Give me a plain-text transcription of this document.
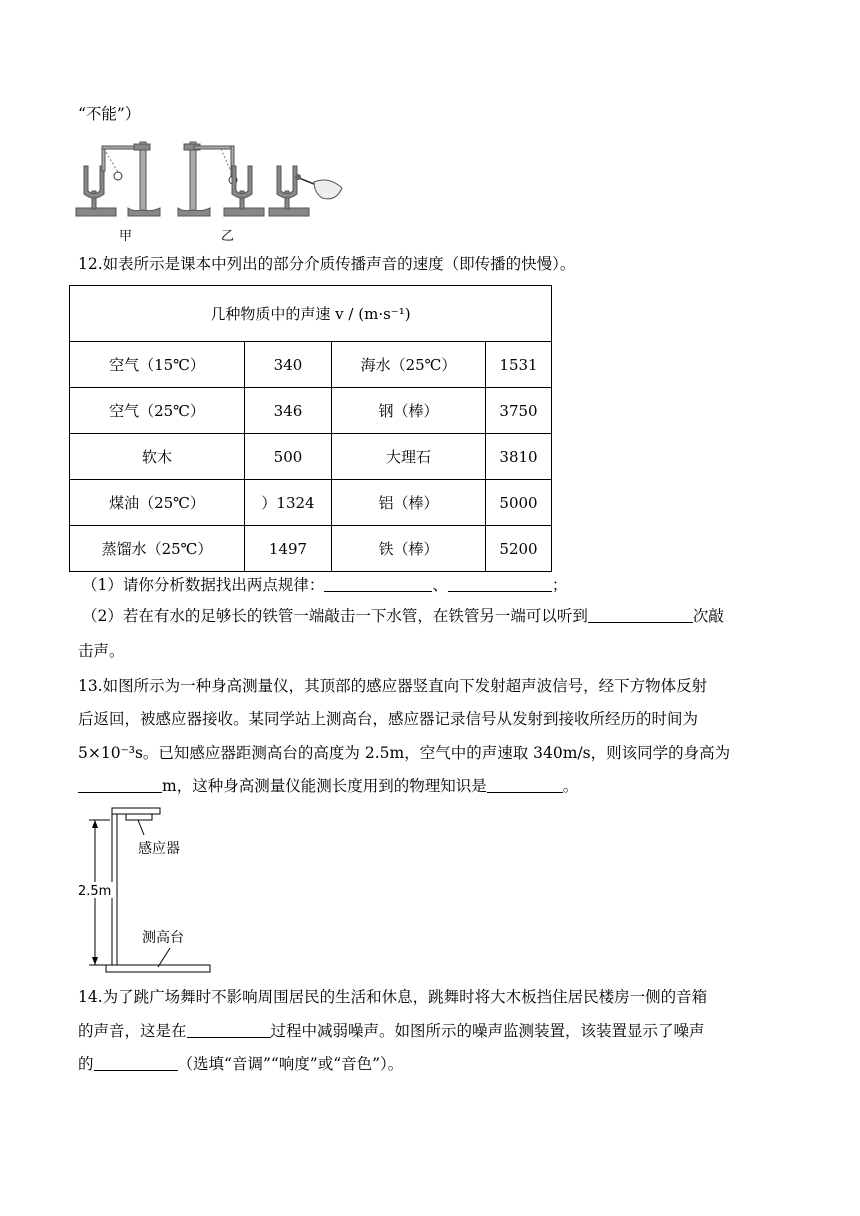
“不能”）
甲	乙
12.如表所示是课本中列出的部分介质传播声音的速度（即传播的快慢）。
几种物质中的声速 v / (m·s⁻¹)			
空气（15℃）	340	海水（25℃）	1531
空气（25℃）	346	钢（棒）	3750
软木	500	大理石	3810
煤油（25℃）	）1324	铝（棒）	5000
蒸馏水（25℃）	1497	铁（棒）	5200
（1）请你分析数据找出两点规律：	、	；
（2）若在有水的足够长的铁管一端敲击一下水管，在铁管另一端可以听到	次敲
击声。
13.如图所示为一种身高测量仪，其顶部的感应器竖直向下发射超声波信号，经下方物体反射
后返回，被感应器接收。某同学站上测高台，感应器记录信号从发射到接收所经历的时间为
5×10⁻³s。已知感应器距测高台的高度为 2.5m，空气中的声速取 340m/s，则该同学的身高为
m，这种身高测量仪能测长度用到的物理知识是	。
2.5m
感应器
测高台
14.为了跳广场舞时不影响周围居民的生活和休息，跳舞时将大木板挡住居民楼房一侧的音箱
的声音，这是在	过程中减弱噪声。如图所示的噪声监测装置，该装置显示了噪声
的	（选填“音调”“响度”或“音色”）。
